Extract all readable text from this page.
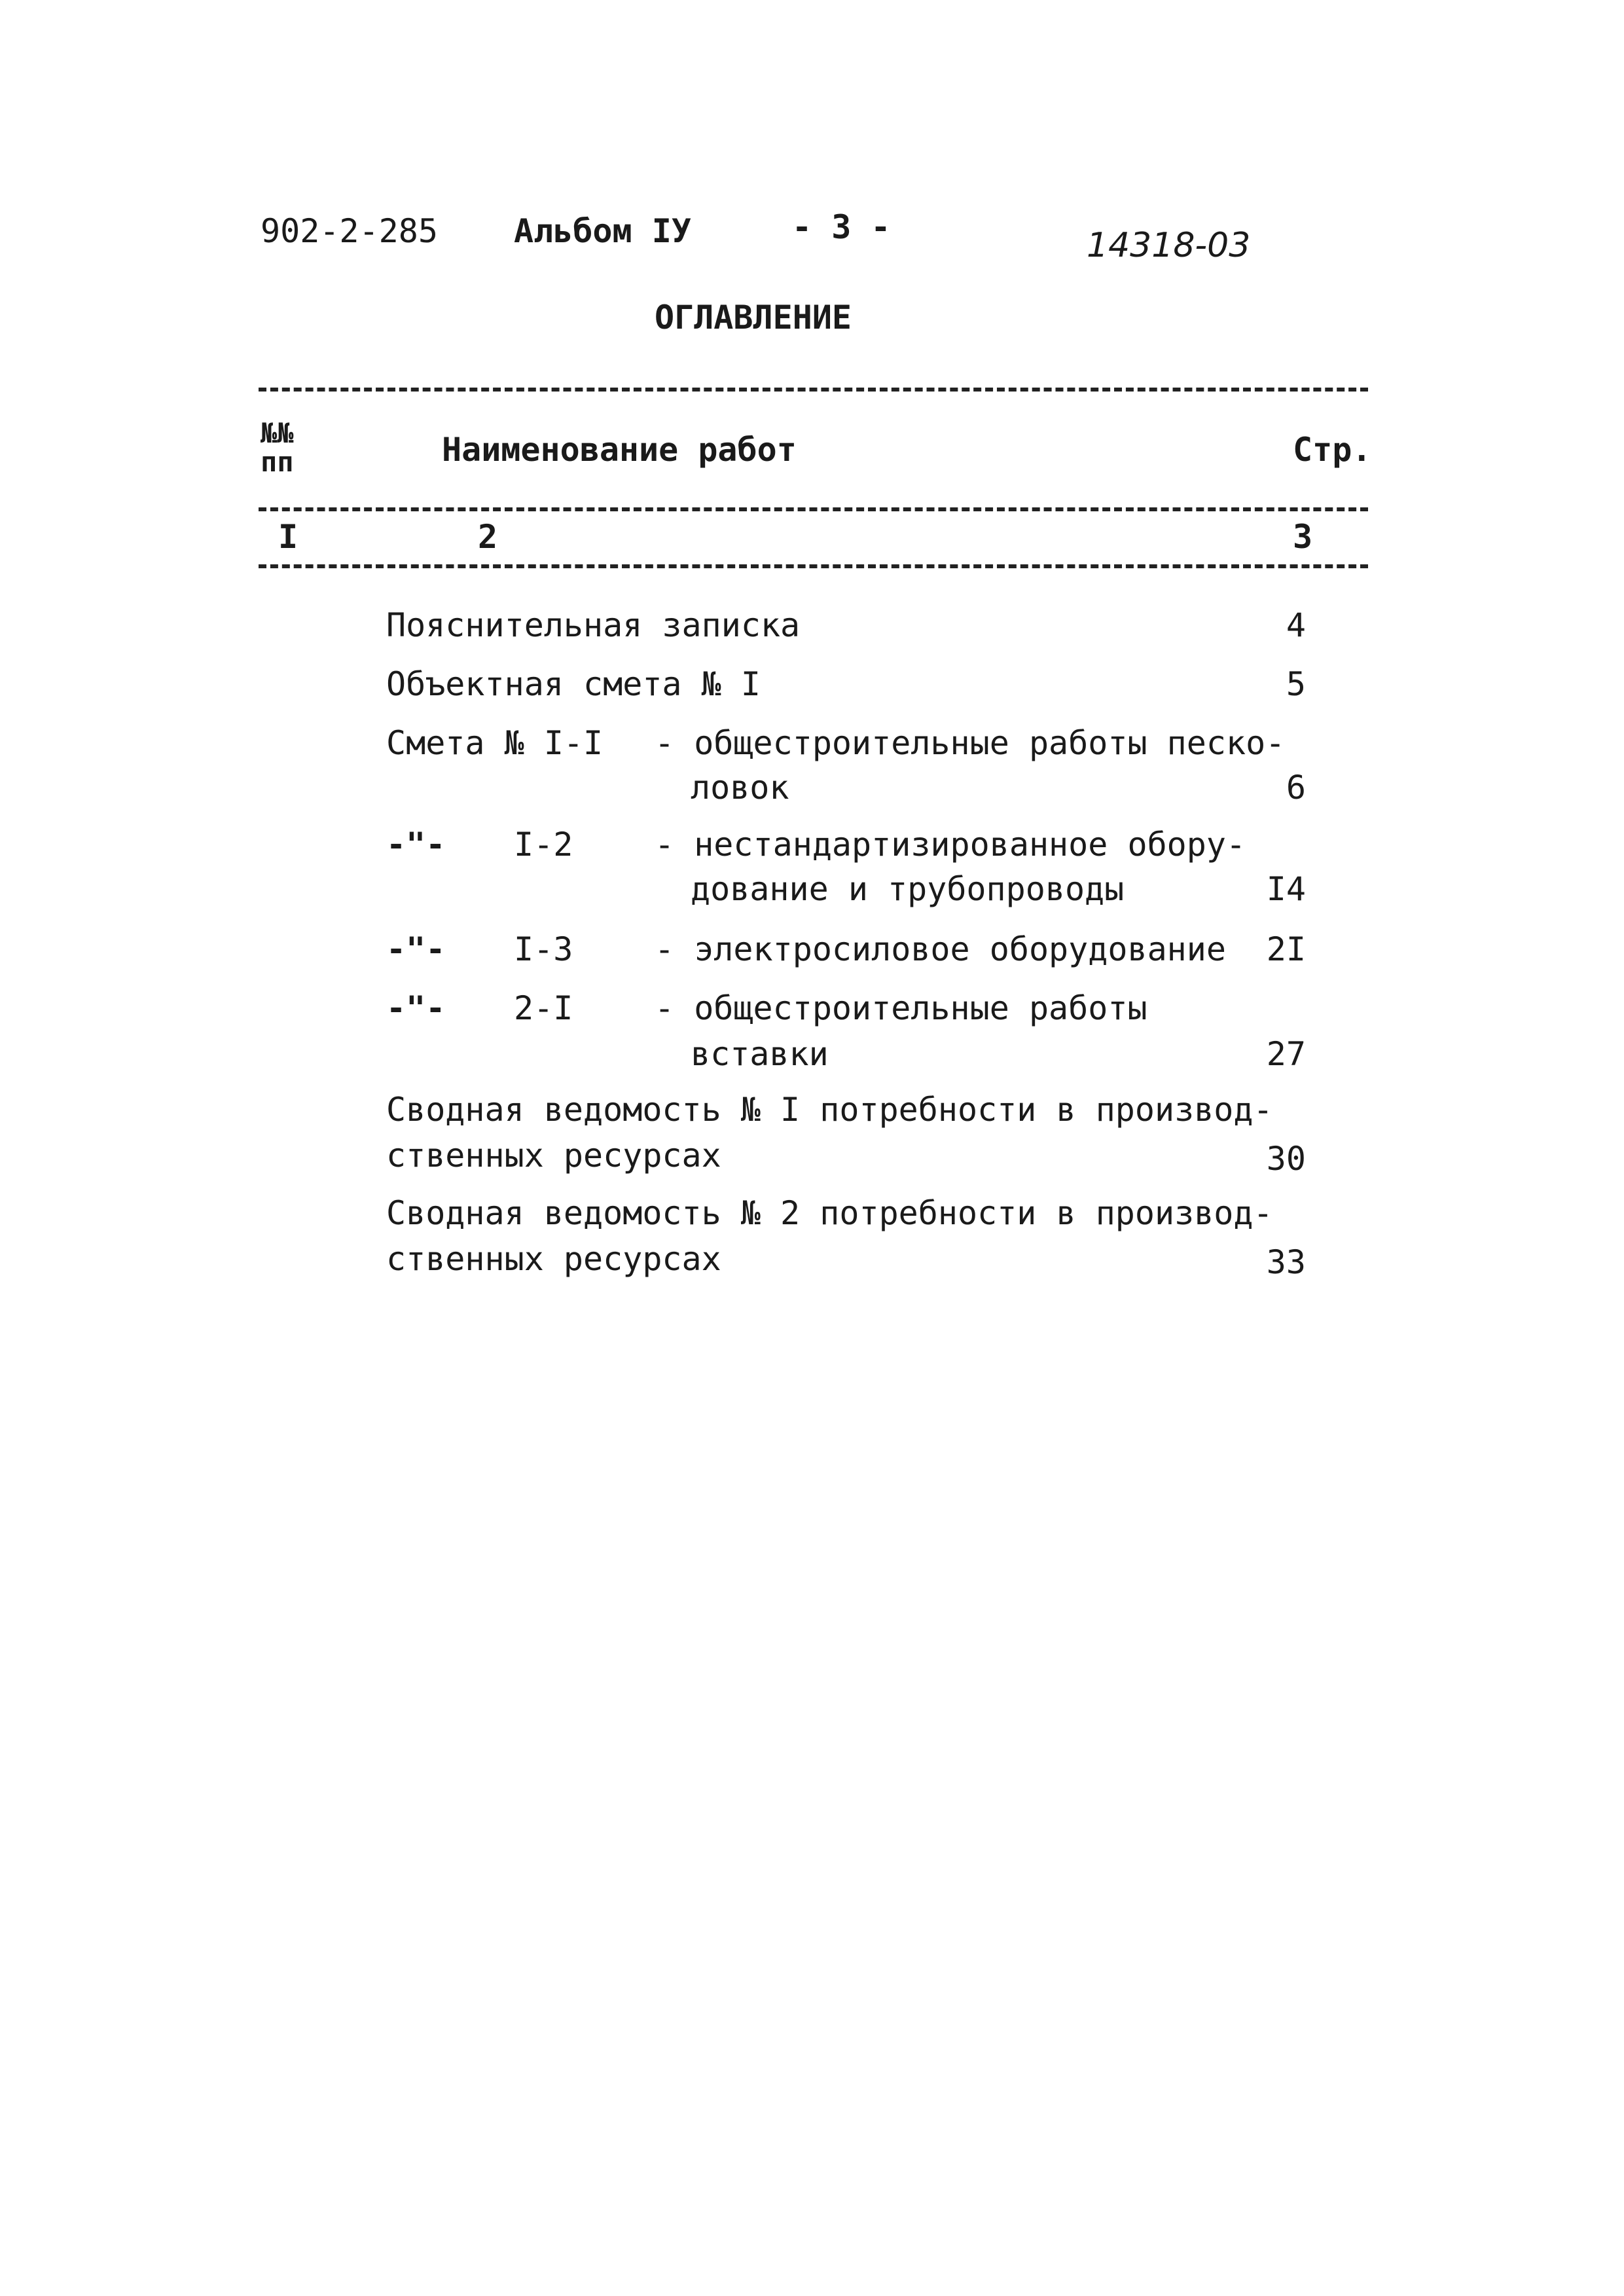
902-2-285 Альбом IУ	- 3 -	14318-03
ОГЛАВЛЕНИЕ
№№
пп	Наименование работ	Стр.
I	2	3
Пояснительная записка	4
Объектная смета № I	5
Смета № I-I - общестроительные работы песко-
ловок	6
-"- I-2 - нестандартизированное обору-
дование и трубопроводы	I4
-"- I-3 - электросиловое оборудование	2I
-"- 2-I - общестроительные работы
вставки	27
Сводная ведомость № I потребности в производ-
ственных ресурсах	30
Сводная ведомость № 2 потребности в производ-
ственных ресурсах	33
